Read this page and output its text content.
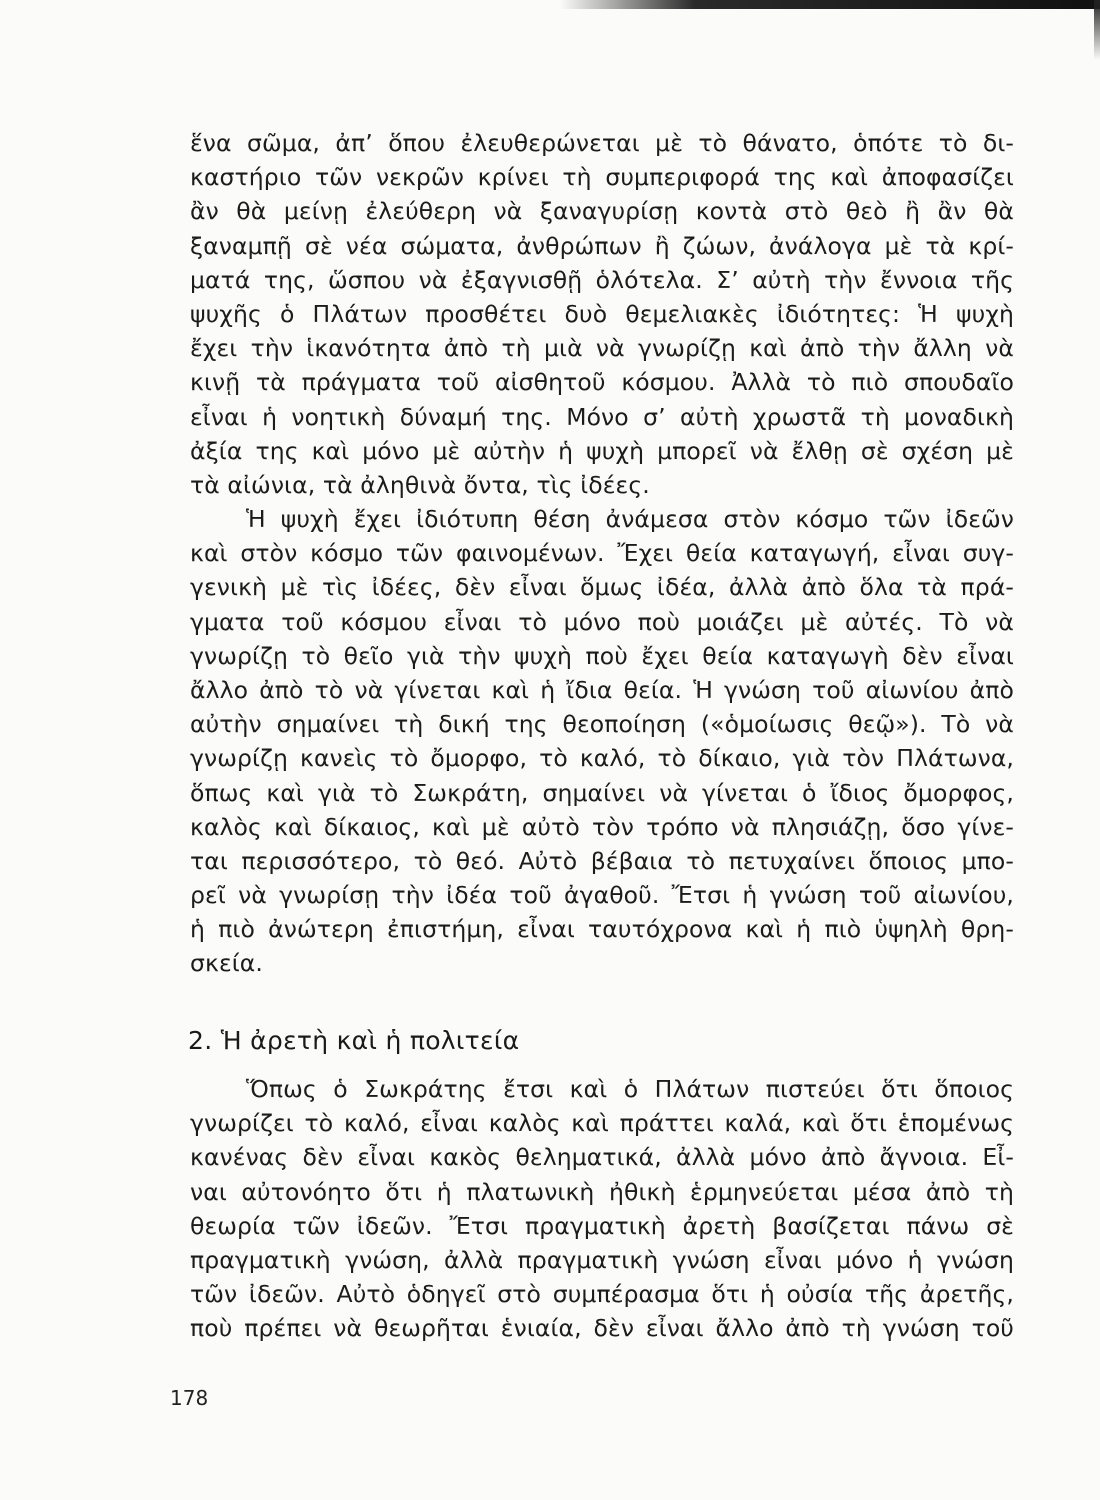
ἕνα σῶμα, ἀπ’ ὅπου ἐλευθερώνεται μὲ τὸ θάνατο, ὁπότε τὸ δι-
καστήριο τῶν νεκρῶν κρίνει τὴ συμπεριφορά της καὶ ἀποφασίζει
ἂν θὰ μείνῃ ἐλεύθερη νὰ ξαναγυρίσῃ κοντὰ στὸ θεὸ ἢ ἂν θὰ
ξαναμπῇ σὲ νέα σώματα, ἀνθρώπων ἢ ζώων, ἀνάλογα μὲ τὰ κρί-
ματά της, ὥσπου νὰ ἐξαγνισθῇ ὁλότελα. Σ’ αὐτὴ τὴν ἔννοια τῆς
ψυχῆς ὁ Πλάτων προσθέτει δυὸ θεμελιακὲς ἰδιότητες: Ἡ ψυχὴ
ἔχει τὴν ἱκανότητα ἀπὸ τὴ μιὰ νὰ γνωρίζῃ καὶ ἀπὸ τὴν ἄλλη νὰ
κινῇ τὰ πράγματα τοῦ αἰσθητοῦ κόσμου. Ἀλλὰ τὸ πιὸ σπουδαῖο
εἶναι ἡ νοητικὴ δύναμή της. Μόνο σ’ αὐτὴ χρωστᾶ τὴ μοναδικὴ
ἀξία της καὶ μόνο μὲ αὐτὴν ἡ ψυχὴ μπορεῖ νὰ ἔλθῃ σὲ σχέση μὲ
τὰ αἰώνια, τὰ ἀληθινὰ ὄντα, τὶς ἰδέες.
Ἡ ψυχὴ ἔχει ἰδιότυπη θέση ἀνάμεσα στὸν κόσμο τῶν ἰδεῶν
καὶ στὸν κόσμο τῶν φαινομένων. Ἔχει θεία καταγωγή, εἶναι συγ-
γενικὴ μὲ τὶς ἰδέες, δὲν εἶναι ὅμως ἰδέα, ἀλλὰ ἀπὸ ὅλα τὰ πρά-
γματα τοῦ κόσμου εἶναι τὸ μόνο ποὺ μοιάζει μὲ αὐτές. Τὸ νὰ
γνωρίζῃ τὸ θεῖο γιὰ τὴν ψυχὴ ποὺ ἔχει θεία καταγωγὴ δὲν εἶναι
ἄλλο ἀπὸ τὸ νὰ γίνεται καὶ ἡ ἴδια θεία. Ἡ γνώση τοῦ αἰωνίου ἀπὸ
αὐτὴν σημαίνει τὴ δική της θεοποίηση («ὁμοίωσις θεῷ»). Τὸ νὰ
γνωρίζῃ κανεὶς τὸ ὄμορφο, τὸ καλό, τὸ δίκαιο, γιὰ τὸν Πλάτωνα,
ὅπως καὶ γιὰ τὸ Σωκράτη, σημαίνει νὰ γίνεται ὁ ἴδιος ὄμορφος,
καλὸς καὶ δίκαιος, καὶ μὲ αὐτὸ τὸν τρόπο νὰ πλησιάζῃ, ὅσο γίνε-
ται περισσότερο, τὸ θεό. Αὐτὸ βέβαια τὸ πετυχαίνει ὅποιος μπο-
ρεῖ νὰ γνωρίσῃ τὴν ἰδέα τοῦ ἀγαθοῦ. Ἔτσι ἡ γνώση τοῦ αἰωνίου,
ἡ πιὸ ἀνώτερη ἐπιστήμη, εἶναι ταυτόχρονα καὶ ἡ πιὸ ὑψηλὴ θρη-
σκεία.
2. Ἡ ἀρετὴ καὶ ἡ πολιτεία
Ὅπως ὁ Σωκράτης ἔτσι καὶ ὁ Πλάτων πιστεύει ὅτι ὅποιος
γνωρίζει τὸ καλό, εἶναι καλὸς καὶ πράττει καλά, καὶ ὅτι ἑπομένως
κανένας δὲν εἶναι κακὸς θεληματικά, ἀλλὰ μόνο ἀπὸ ἄγνοια. Εἶ-
ναι αὐτονόητο ὅτι ἡ πλατωνικὴ ἠθικὴ ἑρμηνεύεται μέσα ἀπὸ τὴ
θεωρία τῶν ἰδεῶν. Ἔτσι πραγματικὴ ἀρετὴ βασίζεται πάνω σὲ
πραγματικὴ γνώση, ἀλλὰ πραγματικὴ γνώση εἶναι μόνο ἡ γνώση
τῶν ἰδεῶν. Αὐτὸ ὁδηγεῖ στὸ συμπέρασμα ὅτι ἡ οὐσία τῆς ἀρετῆς,
ποὺ πρέπει νὰ θεωρῆται ἑνιαία, δὲν εἶναι ἄλλο ἀπὸ τὴ γνώση τοῦ
178
